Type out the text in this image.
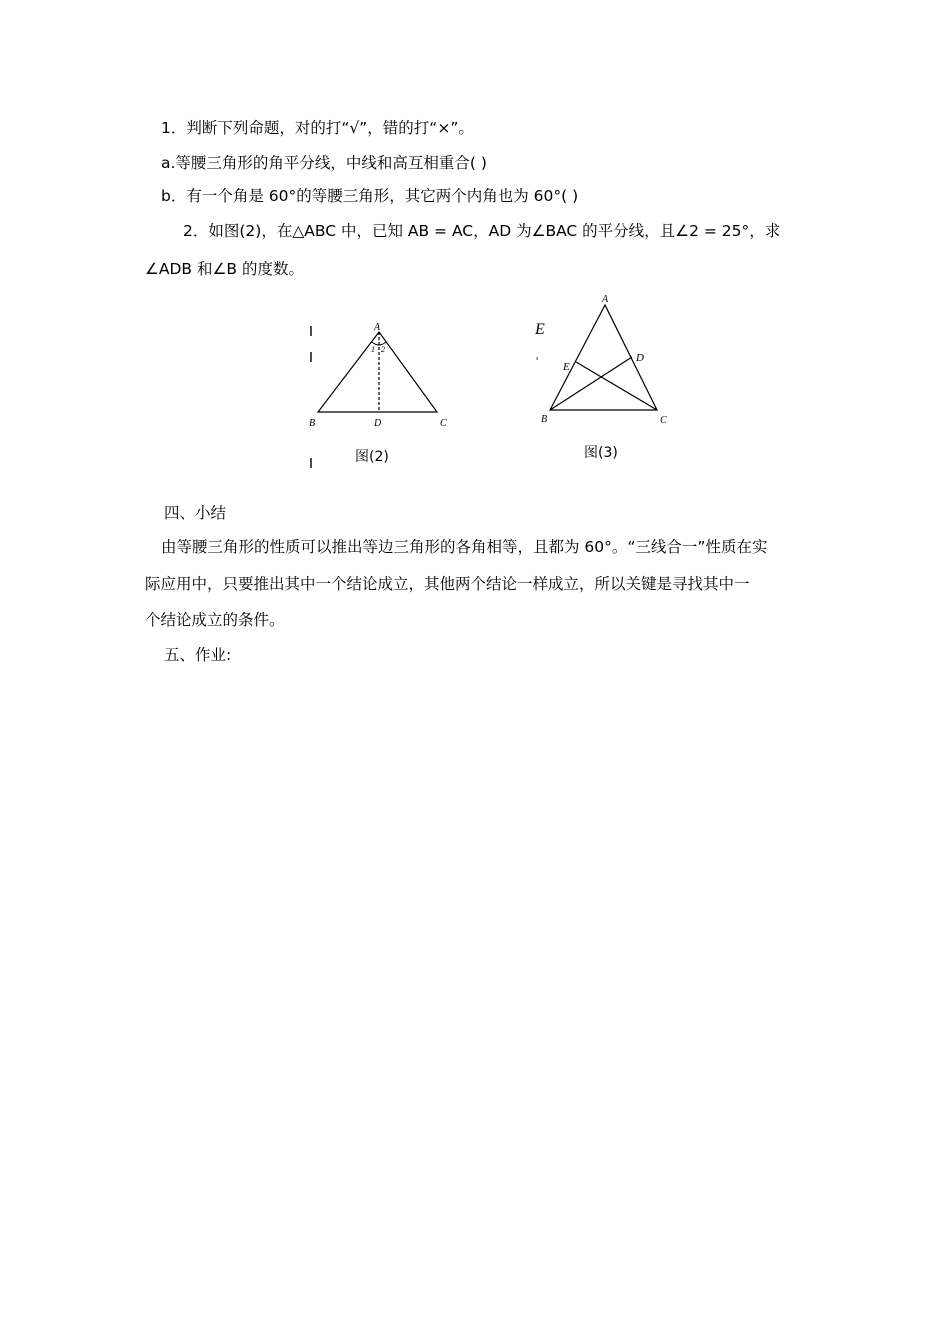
1．判断下列命题，对的打“√”，错的打“×”。
a.等腰三角形的角平分线，中线和高互相重合( )
b．有一个角是 60°的等腰三角形，其它两个内角也为 60°( )
2．如图(2)，在△ABC 中，已知 AB = AC，AD 为∠BAC 的平分线，且∠2 = 25°，求
∠ADB 和∠B 的度数。
A
1 2
B	D	C
图(2)
A
E
s
E
D
B	C
图(3)
四、小结
由等腰三角形的性质可以推出等边三角形的各角相等，且都为 60°。“三线合一”性质在实
际应用中，只要推出其中一个结论成立，其他两个结论一样成立，所以关键是寻找其中一
个结论成立的条件。
五、作业:
